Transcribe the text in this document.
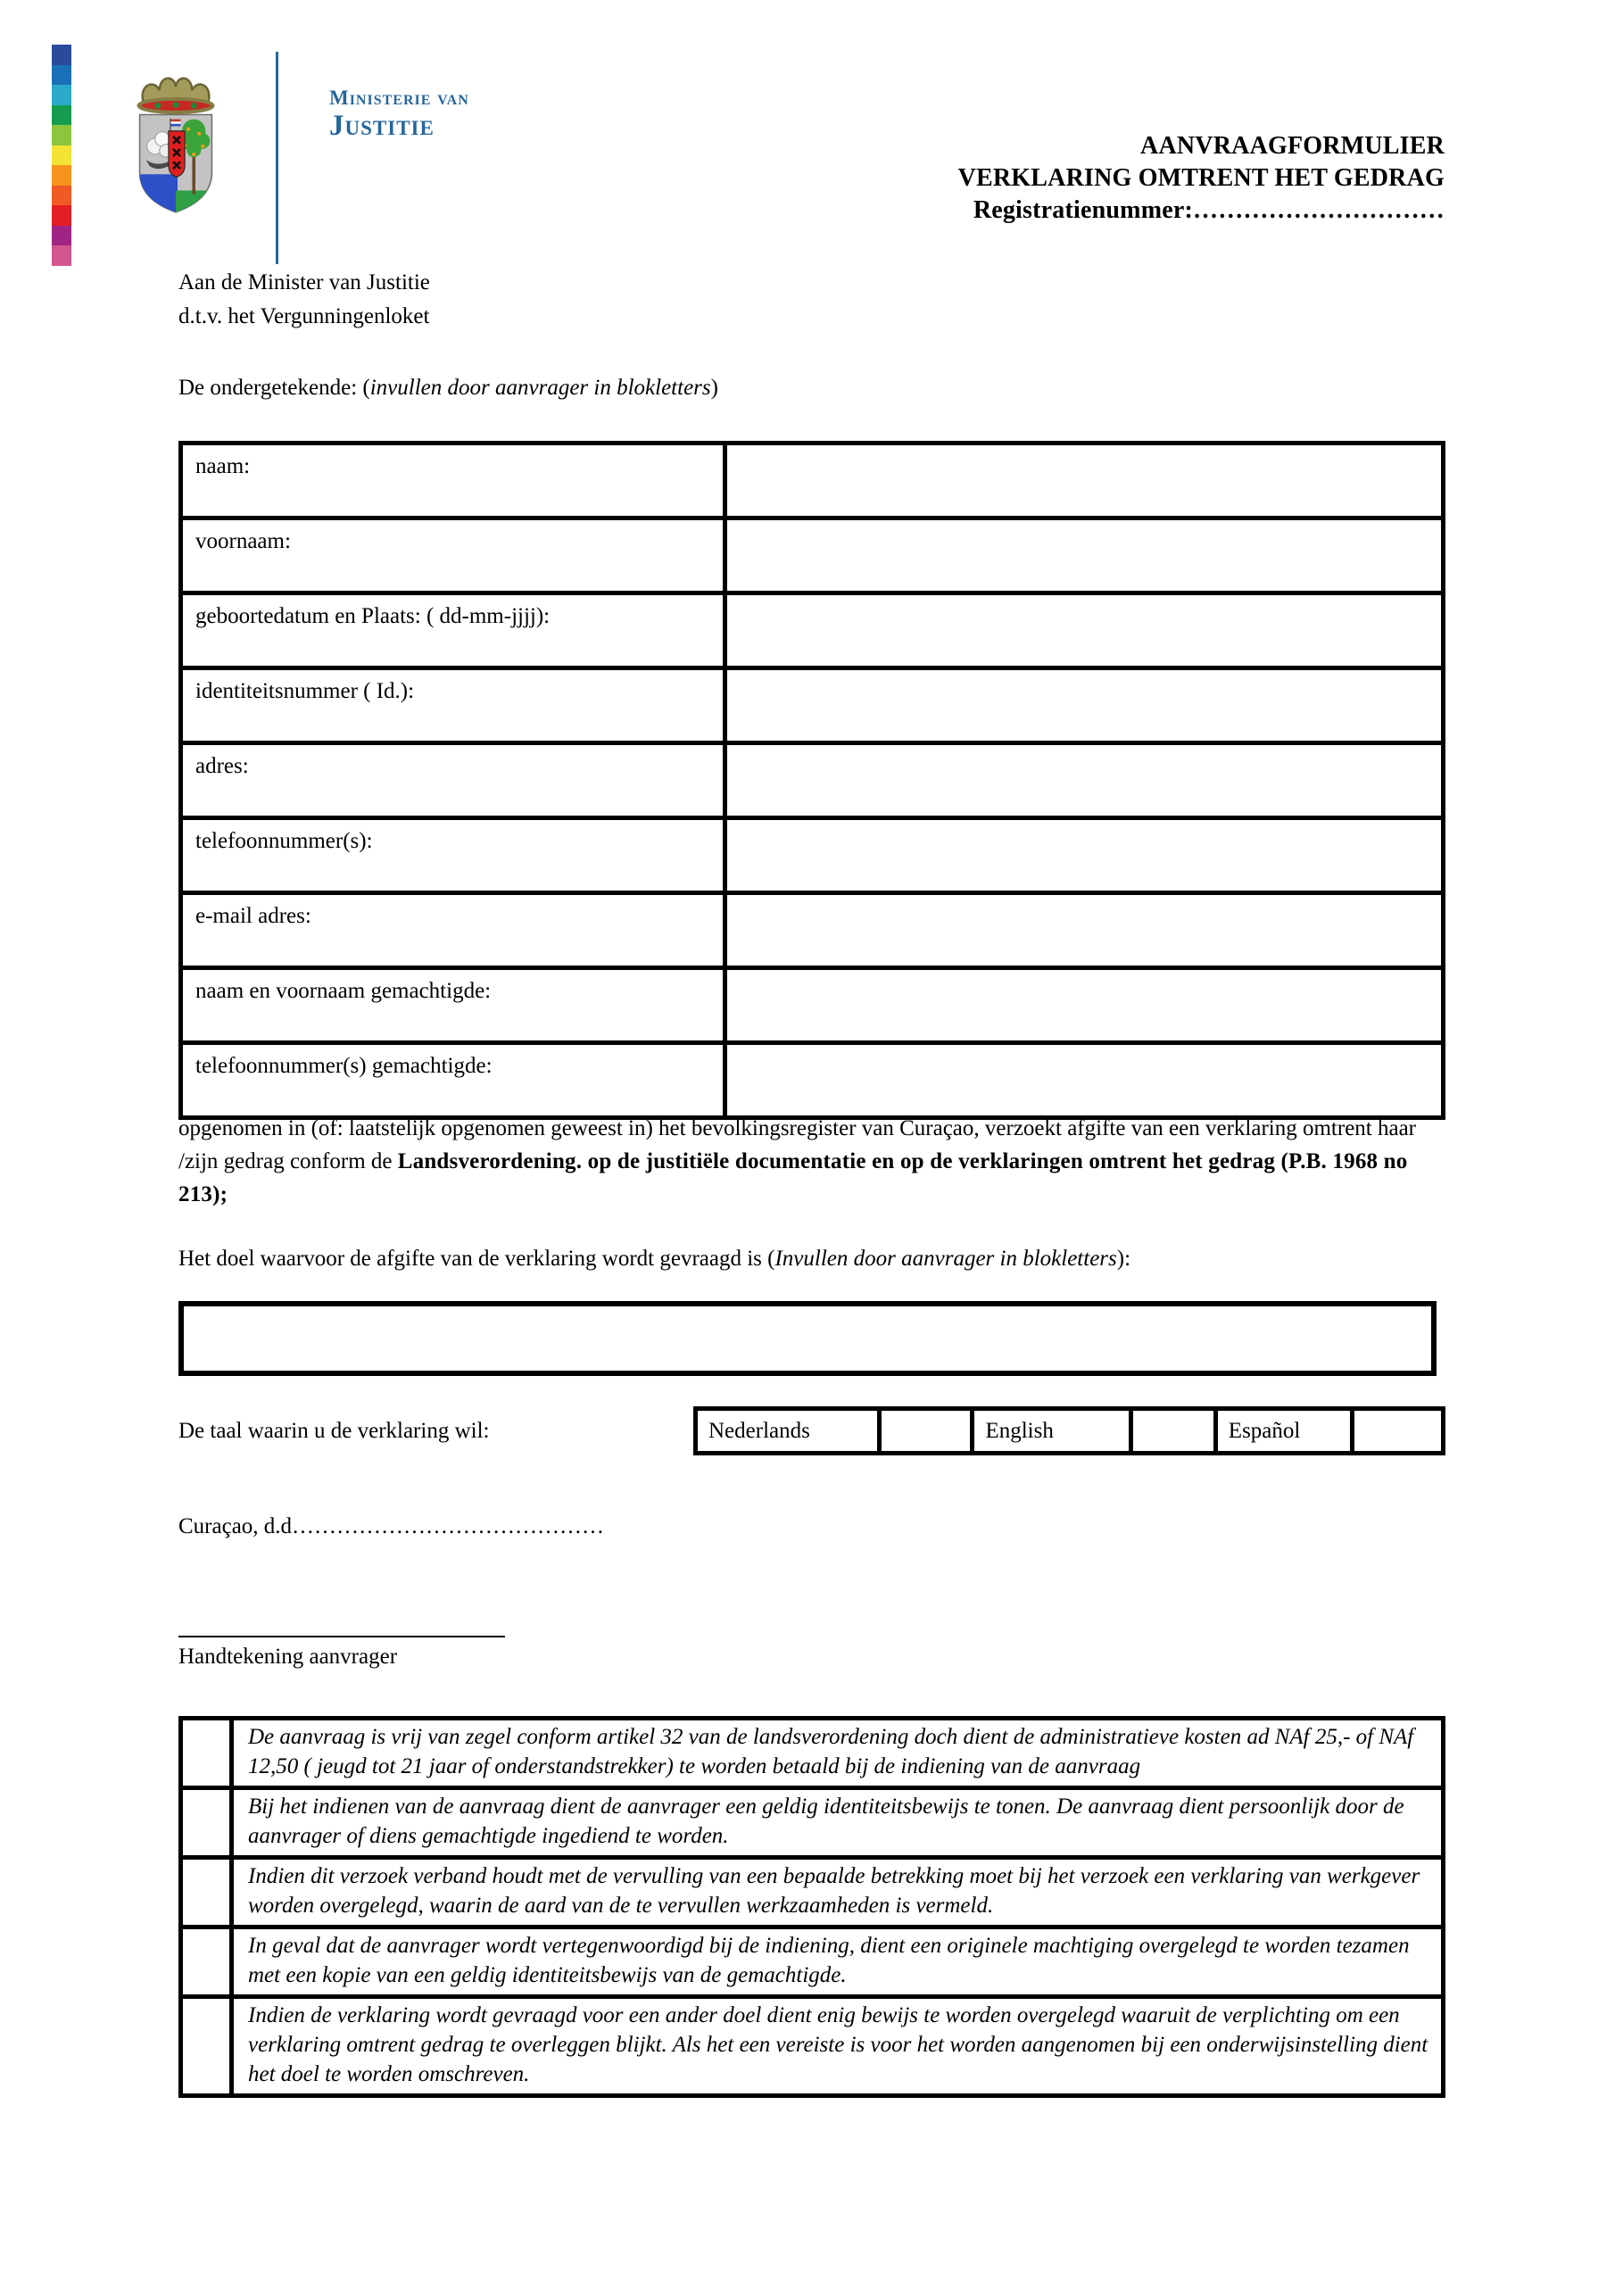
Ministerie van
Justitie
AANVRAAGFORMULIER
VERKLARING OMTRENT HET GEDRAG
Registratienummer:…………………………
Aan de Minister van Justitie
d.t.v. het Vergunningenloket
De ondergetekende: (invullen door aanvrager in blokletters)
naam:	
voornaam:	
geboortedatum en Plaats: ( dd-mm-jjjj):	
identiteitsnummer ( Id.):	
adres:	
telefoonnummer(s):	
e-mail adres:	
naam en voornaam gemachtigde:	
telefoonnummer(s) gemachtigde:	
opgenomen in (of: laatstelijk opgenomen geweest in) het bevolkingsregister van Curaçao, verzoekt afgifte van een verklaring omtrent haar /zijn gedrag conform de Landsverordening. op de justitiële documentatie en op de verklaringen omtrent het gedrag (P.B. 1968 no 213);
Het doel waarvoor de afgifte van de verklaring wordt gevraagd is (Invullen door aanvrager in blokletters):
De taal waarin u de verklaring wil:	Nederlands		English		Español	
Curaçao, d.d……………………………………
Handtekening aanvrager
	De aanvraag is vrij van zegel conform artikel 32 van de landsverordening doch dient de administratieve kosten ad NAf 25,- of NAf 12,50 ( jeugd tot 21 jaar of onderstandstrekker) te worden betaald bij de indiening van de aanvraag
	Bij het indienen van de aanvraag dient de aanvrager een geldig identiteitsbewijs te tonen. De aanvraag dient persoonlijk door de aanvrager of diens gemachtigde ingediend te worden.
	Indien dit verzoek verband houdt met de vervulling van een bepaalde betrekking moet bij het verzoek een verklaring van werkgever worden overgelegd, waarin de aard van de te vervullen werkzaamheden is vermeld.
	In geval dat de aanvrager wordt vertegenwoordigd bij de indiening, dient een originele machtiging overgelegd te worden tezamen met een kopie van een geldig identiteitsbewijs van de gemachtigde.
	Indien de verklaring wordt gevraagd voor een ander doel dient enig bewijs te worden overgelegd waaruit de verplichting om een verklaring omtrent gedrag te overleggen blijkt. Als het een vereiste is voor het worden aangenomen bij een onderwijsinstelling dient het doel te worden omschreven.
